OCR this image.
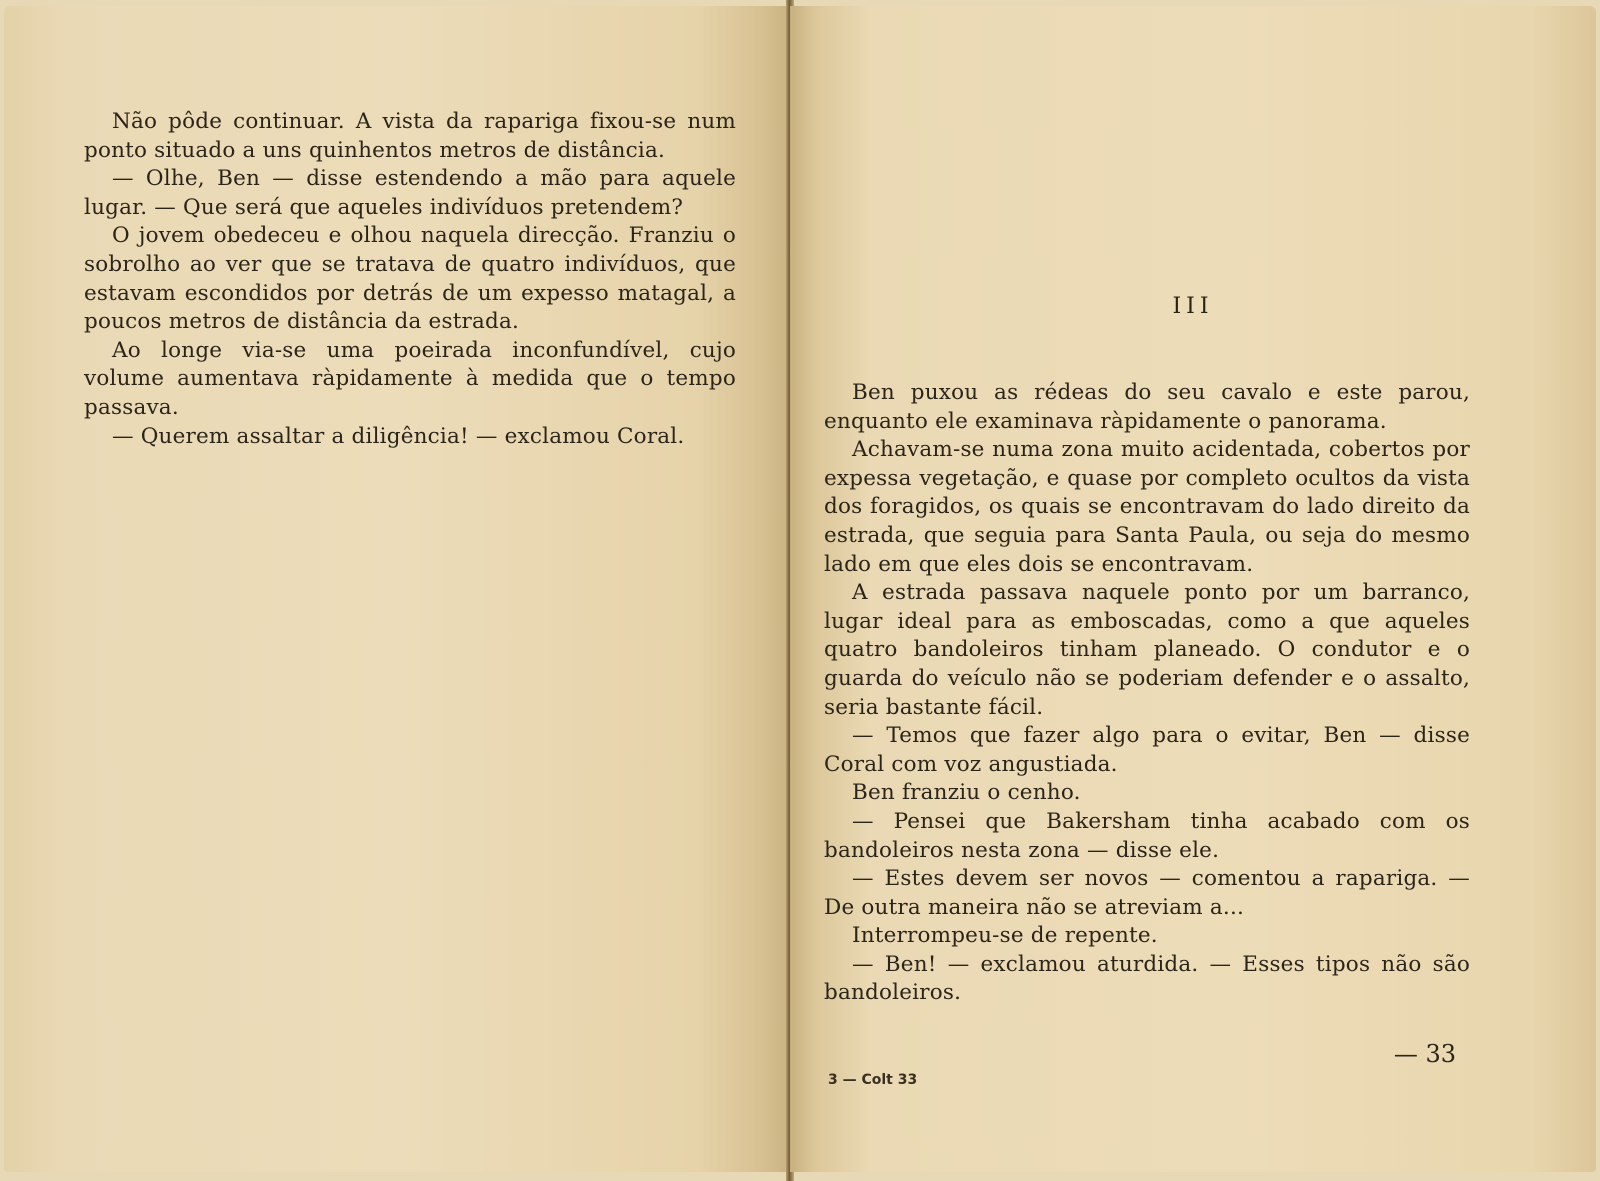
Não pôde continuar. A vista da rapariga fixou-se num ponto situado a uns quinhentos metros de distância.

— Olhe, Ben — disse estendendo a mão para aquele lugar. — Que será que aqueles indivíduos pretendem?

O jovem obedeceu e olhou naquela direcção. Franziu o sobrolho ao ver que se tratava de quatro indivíduos, que estavam escondidos por detrás de um expesso matagal, a poucos metros de distância da estrada.

Ao longe via-se uma poeirada inconfundível, cujo volume aumentava ràpidamente à medida que o tempo passava.

— Querem assaltar a diligência! — exclamou Coral.

III

Ben puxou as rédeas do seu cavalo e este parou, enquanto ele examinava ràpidamente o panorama.

Achavam-se numa zona muito acidentada, cobertos por expessa vegetação, e quase por completo ocultos da vista dos foragidos, os quais se encontravam do lado direito da estrada, que seguia para Santa Paula, ou seja do mesmo lado em que eles dois se encontravam.

A estrada passava naquele ponto por um barranco, lugar ideal para as emboscadas, como a que aqueles quatro bandoleiros tinham planeado. O condutor e o guarda do veículo não se poderiam defender e o assalto, seria bastante fácil.

— Temos que fazer algo para o evitar, Ben — disse Coral com voz angustiada.

Ben franziu o cenho.

— Pensei que Bakersham tinha acabado com os bandoleiros nesta zona — disse ele.

— Estes devem ser novos — comentou a rapariga. — De outra maneira não se atreviam a...

Interrompeu-se de repente.

— Ben! — exclamou aturdida. — Esses tipos não são bandoleiros.

3 — Colt 33
— 33
